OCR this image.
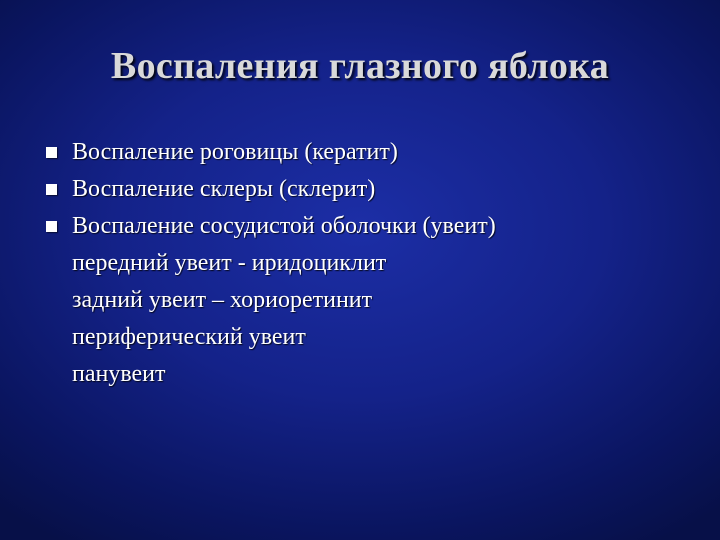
Воспаления глазного яблока
Воспаление роговицы (кератит)
Воспаление склеры (склерит)
Воспаление сосудистой оболочки (увеит)
передний увеит - иридоциклит
задний увеит – хориоретинит
периферический увеит
панувеит
